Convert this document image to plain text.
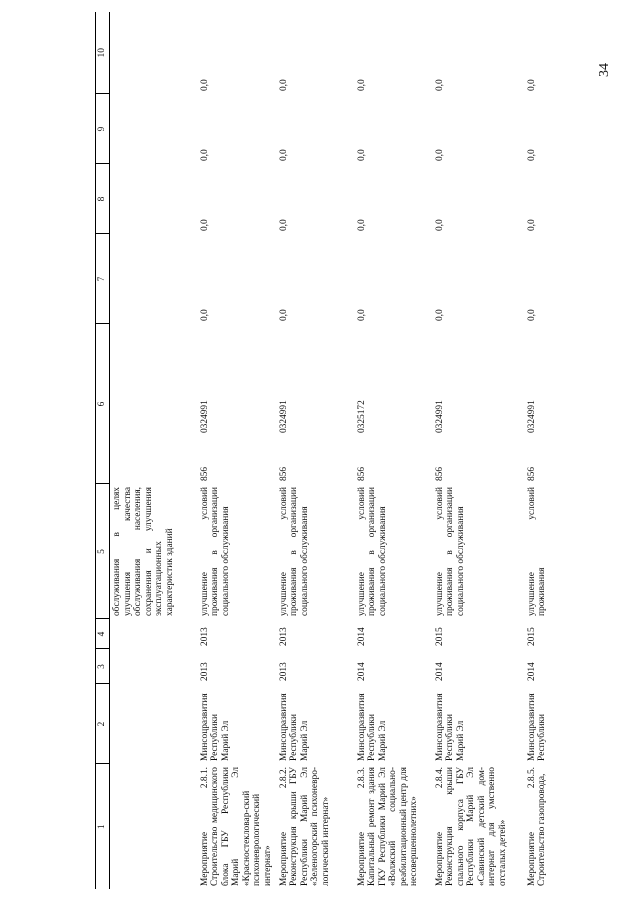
34
1	2	3	4	5	6		7	8	9	10
				обслуживания в целях улучшения качества обслуживания населения, сохранения и улучшения эксплуатационных характеристик зданий						
Мероприятие 2.8.1. Строительство медицинского блока ГБУ Республики Марий Эл «Красностекловар-ский психоневрологический интернат»	Минсоцразвития Республики Марий Эл	2013	2013	улучшение условий проживания в организации социального обслуживания	856	0324991	0,0	0,0	0,0	0,0
Мероприятие 2.8.2. Реконструкция крыши ГБУ Республики Марий Эл «Зеленогорский психоневро-логический интернат»	Минсоцразвития Республики Марий Эл	2013	2013	улучшение условий проживания в организации социального обслуживания	856	0324991	0,0	0,0	0,0	0,0
Мероприятие 2.8.3. Капитальный ремонт здания ГКУ Республики Марий Эл «Волжский социально-реабилитационный центр для несовершеннолетних»	Минсоцразвития Республики Марий Эл	2014	2014	улучшение условий проживания в организации социального обслуживания	856	0325172	0,0	0,0	0,0	0,0
Мероприятие 2.8.4. Реконструкция крыши спального корпуса ГБУ Республики Марий Эл «Савинский детский дом-интернат для умственно отсталых детей»	Минсоцразвития Республики Марий Эл	2014	2015	улучшение условий проживания в организации социального обслуживания	856	0324991	0,0	0,0	0,0	0,0
Мероприятие 2.8.5. Строительство газопровода,	Минсоцразвития Республики	2014	2015	улучшение условий проживания	856	0324991	0,0	0,0	0,0	0,0
